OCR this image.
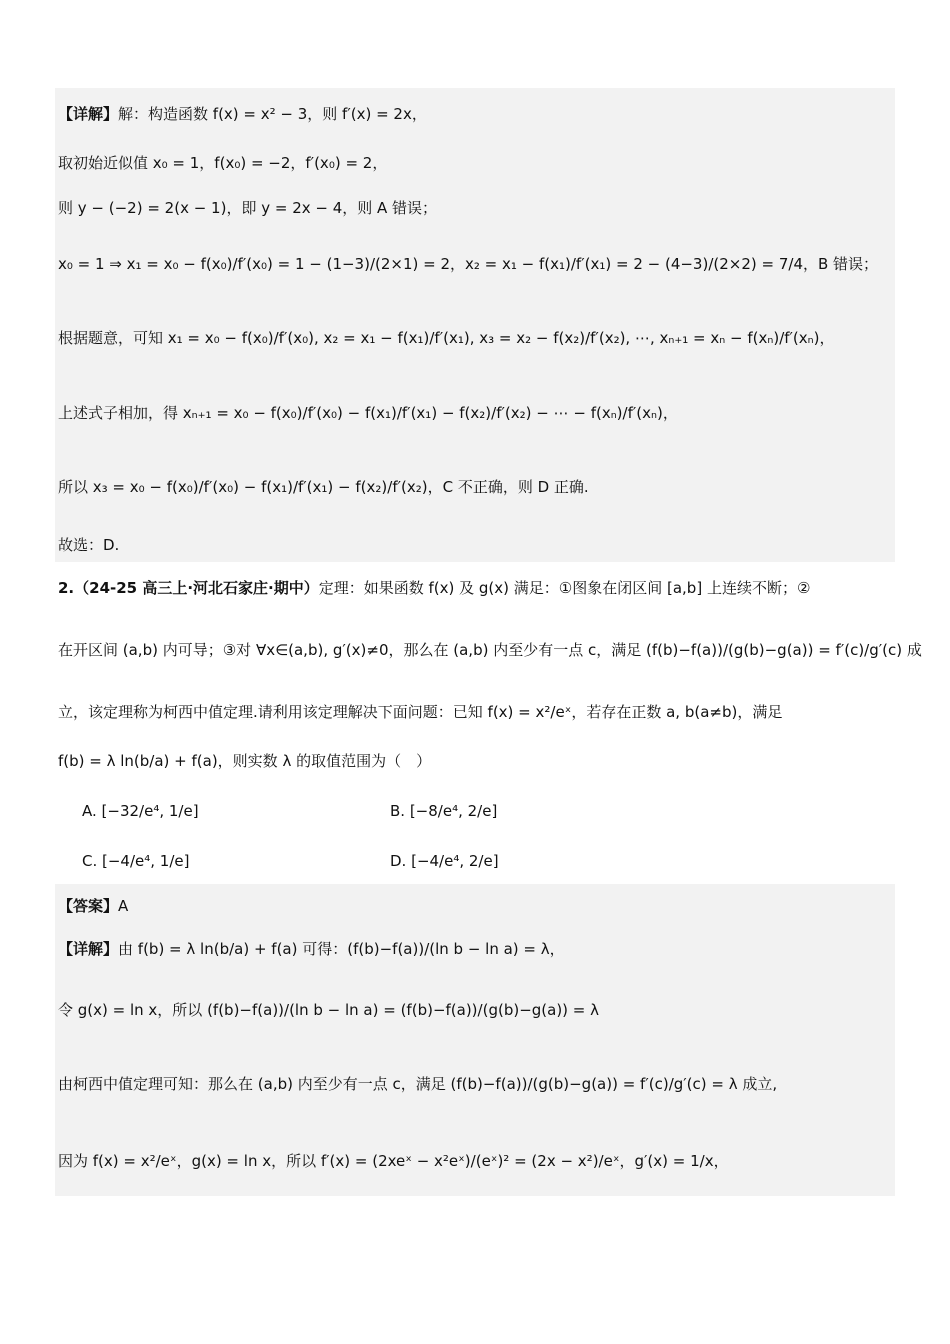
【详解】解：构造函数 f(x) = x² − 3，则 f′(x) = 2x，
取初始近似值 x₀ = 1，f(x₀) = −2，f′(x₀) = 2，
则 y − (−2) = 2(x − 1)，即 y = 2x − 4，则 A 错误；
x₀ = 1 ⇒ x₁ = x₀ − f(x₀)/f′(x₀) = 1 − (1−3)/(2×1) = 2，x₂ = x₁ − f(x₁)/f′(x₁) = 2 − (4−3)/(2×2) = 7/4，B 错误；
根据题意，可知 x₁ = x₀ − f(x₀)/f′(x₀), x₂ = x₁ − f(x₁)/f′(x₁), x₃ = x₂ − f(x₂)/f′(x₂), ⋯, xₙ₊₁ = xₙ − f(xₙ)/f′(xₙ)，
上述式子相加，得 xₙ₊₁ = x₀ − f(x₀)/f′(x₀) − f(x₁)/f′(x₁) − f(x₂)/f′(x₂) − ⋯ − f(xₙ)/f′(xₙ)，
所以 x₃ = x₀ − f(x₀)/f′(x₀) − f(x₁)/f′(x₁) − f(x₂)/f′(x₂)，C 不正确，则 D 正确.
故选：D.
2.（24-25 高三上·河北石家庄·期中）定理：如果函数 f(x) 及 g(x) 满足：①图象在闭区间 [a,b] 上连续不断；②
在开区间 (a,b) 内可导；③对 ∀x∈(a,b), g′(x)≠0，那么在 (a,b) 内至少有一点 c，满足 (f(b)−f(a))/(g(b)−g(a)) = f′(c)/g′(c) 成
立，该定理称为柯西中值定理.请利用该定理解决下面问题：已知 f(x) = x²/eˣ，若存在正数 a, b(a≠b)，满足
f(b) = λ ln(b/a) + f(a)，则实数 λ 的取值范围为（　）
A. [−32/e⁴, 1/e]	B. [−8/e⁴, 2/e]
C. [−4/e⁴, 1/e]	D. [−4/e⁴, 2/e]
【答案】A
【详解】由 f(b) = λ ln(b/a) + f(a) 可得：(f(b)−f(a))/(ln b − ln a) = λ，
令 g(x) = ln x，所以 (f(b)−f(a))/(ln b − ln a) = (f(b)−f(a))/(g(b)−g(a)) = λ
由柯西中值定理可知：那么在 (a,b) 内至少有一点 c，满足 (f(b)−f(a))/(g(b)−g(a)) = f′(c)/g′(c) = λ 成立,
因为 f(x) = x²/eˣ，g(x) = ln x，所以 f′(x) = (2xeˣ − x²eˣ)/(eˣ)² = (2x − x²)/eˣ，g′(x) = 1/x，
